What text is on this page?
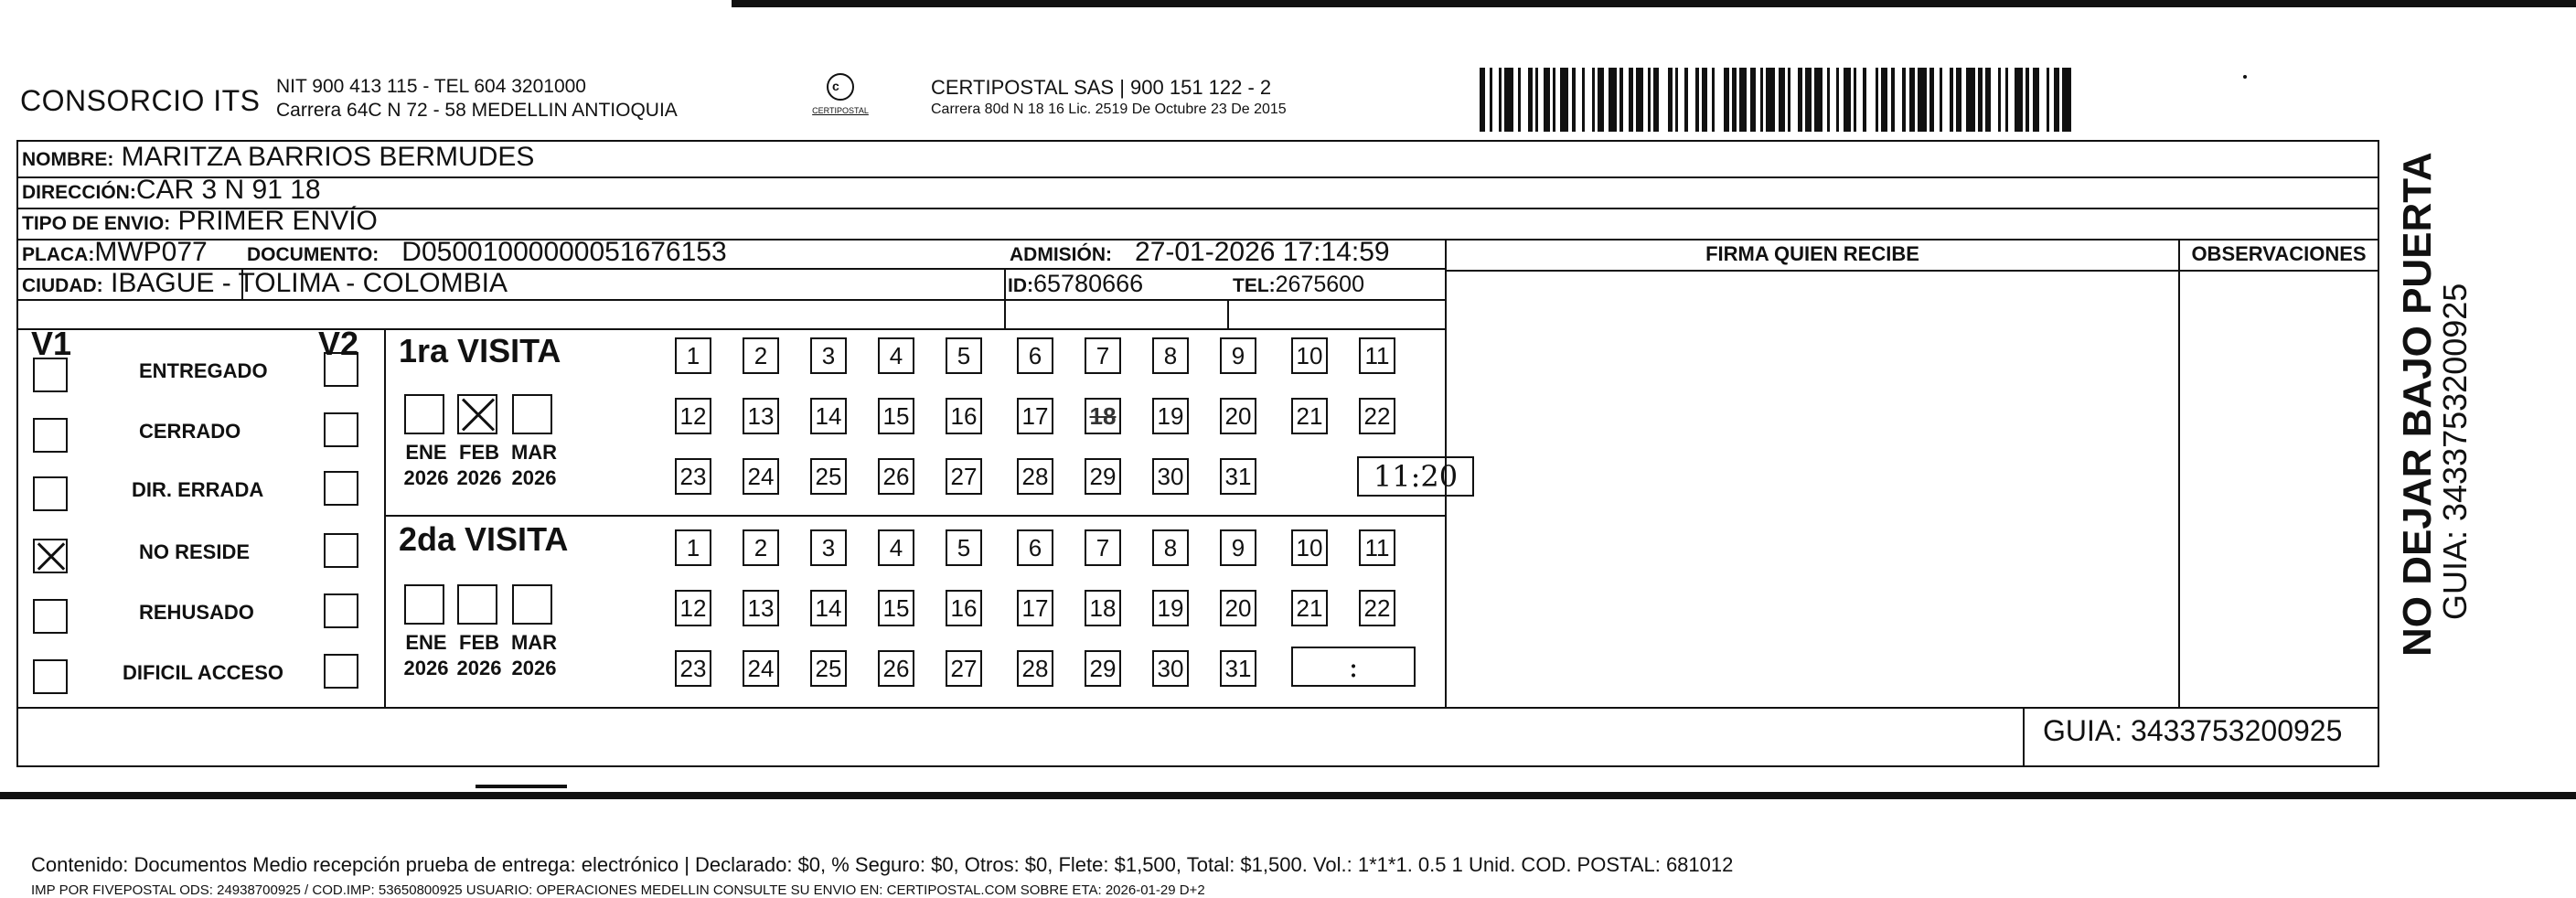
CONSORCIO ITS NIT 900 413 115 - TEL 604 3201000
Carrera 64C N 72 - 58 MEDELLIN ANTIOQUIA
ᴄ
CERTIPOSTAL
CERTIPOSTAL SAS | 900 151 122 - 2
Carrera 80d N 18 16 Lic. 2519 De Octubre 23 De 2015
NOMBRE: MARITZA BARRIOS BERMUDES
DIRECCIÓN:CAR 3 N 91 18
TIPO DE ENVIO: PRIMER ENVÍO
PLACA:MWP077 DOCUMENTO: D05001000000051676153	ADMISIÓN: 27-01-2026 17:14:59
CIUDAD: IBAGUE - TOLIMA - COLOMBIA	ID:65780666	TEL:2675600
FIRMA QUIEN RECIBE	OBSERVACIONES
V1	V2
ENTREGADO
CERRADO
DIR. ERRADA
NO RESIDE
REHUSADO
DIFICIL ACCESO
1ra VISITA
ENE
2026
FEB
2026
MAR
2026
1	2	3	4	5	6	7	8	9	10 11
12 13 14 15 16 17 18 19 20 21 22
23 24 25 26 27 28 29 30 31	11:20
2da VISITA
ENE
2026
FEB
2026
MAR
2026
1	2	3	4	5	6	7	8	9	10 11
12 13 14 15 16 17 18 19 20 21 22
23 24 25 26 27 28 29 30 31	:
Contenido: Documentos Medio recepción prueba de entrega: electrónico | Declarado: $0, % Seguro: $0, Otros: $0, Flete: $1,500, Total: $1,500. Vol.: 1*1*1. 0.5 1 Unid. COD. POSTAL: 681012
IMP POR FIVEPOSTAL ODS: 24938700925 / COD.IMP: 53650800925 USUARIO: OPERACIONES MEDELLIN CONSULTE SU ENVIO EN: CERTIPOSTAL.COM SOBRE ETA: 2026-01-29 D+2
GUIA: 3433753200925
NO DEJAR BAJO PUERTA
GUIA: 3433753200925
